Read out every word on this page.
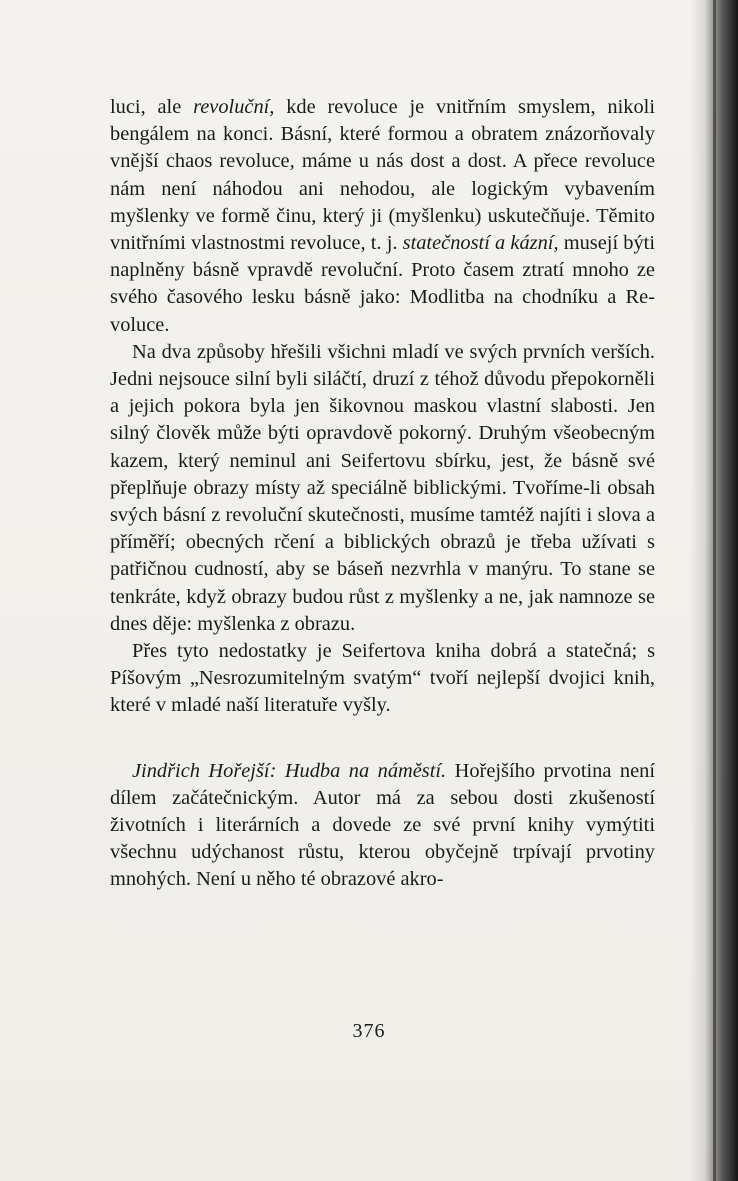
luci, ale revoluční, kde revoluce je vnitřním smyslem, nikoli bengálem na konci. Básní, které formou a obratem znázorňovaly vnější chaos revoluce, máme u nás dost a dost. A přece revoluce nám není náhodou ani nehodou, ale logickým vybavením myšlenky ve formě činu, který ji (myšlenku) uskutečňuje. Těmito vnitřními vlastnostmi revoluce, t. j. statečností a kázní, musejí býti naplněny básně vpravdě revoluční. Proto časem ztratí mnoho ze svého časového lesku básně jako: Modlitba na chodníku a Revoluce.

Na dva způsoby hřešili všichni mladí ve svých prvních verších. Jedni nejsouce silní byli siláčtí, druzí z téhož důvodu přepokorněli a jejich pokora byla jen šikovnou maskou vlastní slabosti. Jen silný člověk může býti opravdově pokorný. Druhým všeobecným kazem, který neminul ani Seifertovu sbírku, jest, že básně své přeplňuje obrazy místy až speciálně biblickými. Tvoříme-li obsah svých básní z revoluční skutečnosti, musíme tamtéž najíti i slova a příměří; obecných rčení a biblických obrazů je třeba užívati s patřičnou cudností, aby se báseň nezvrhla v manýru. To stane se tenkráte, když obrazy budou růst z myšlenky a ne, jak namnoze se dnes děje: myšlenka z obrazu.

Přes tyto nedostatky je Seifertova kniha dobrá a statečná; s Píšovým „Nesrozumitelným svatým“ tvoří nejlepší dvojici knih, které v mladé naší literatuře vyšly.

Jindřich Hořejší: Hudba na náměstí. Hořejšího prvotina není dílem začátečnickým. Autor má za sebou dosti zkušeností životních i literárních a dovede ze své první knihy vymýtiti všechnu udýchanost růstu, kterou obyčejně trpívají prvotiny mnohých. Není u něho té obrazové akro-

376
